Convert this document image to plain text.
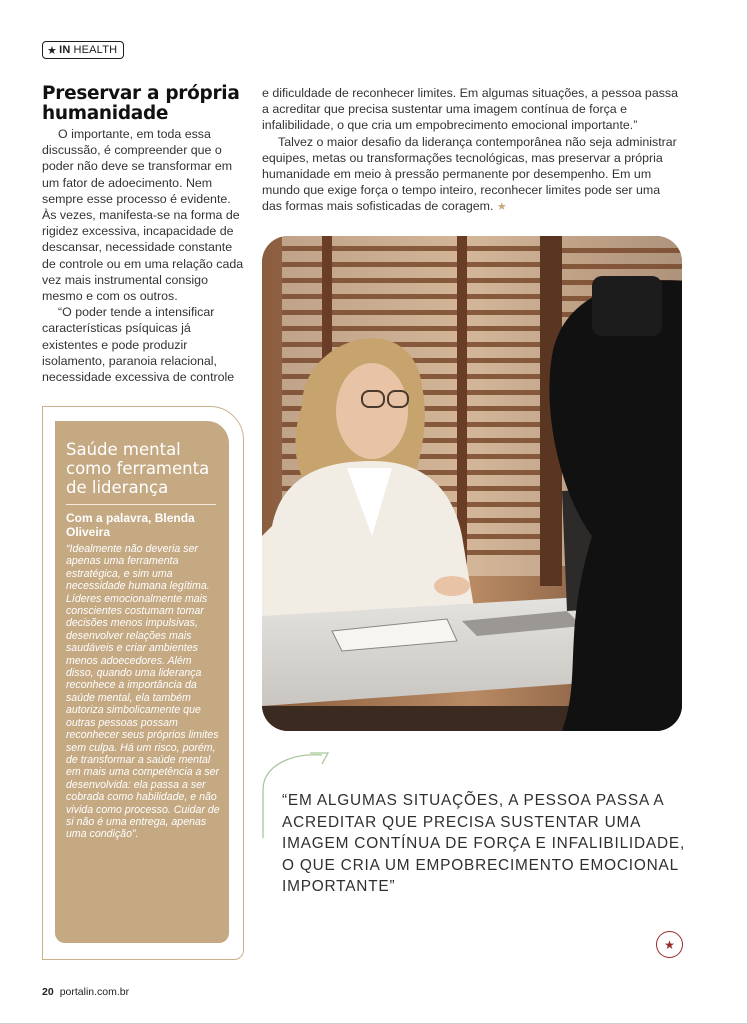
★ IN HEALTH
Preservar a própria humanidade

O importante, em toda essa discussão, é compreender que o poder não deve se transformar em um fator de adoecimento. Nem sempre esse processo é evidente. Às vezes, manifesta-se na forma de rigidez excessiva, incapacidade de descansar, necessidade constante de controle ou em uma relação cada vez mais instrumental consigo mesmo e com os outros.

“O poder tende a intensificar características psíquicas já existentes e pode produzir isolamento, paranoia relacional, necessidade excessiva de controle

e dificuldade de reconhecer limites. Em algumas situações, a pessoa passa a acreditar que precisa sustentar uma imagem contínua de força e infalibilidade, o que cria um empobrecimento emocional importante.”

Talvez o maior desafio da liderança contemporânea não seja administrar equipes, metas ou transformações tecnológicas, mas preservar a própria humanidade em meio à pressão permanente por desempenho. Em um mundo que exige força o tempo inteiro, reconhecer limites pode ser uma das formas mais sofisticadas de coragem. ★

Saúde mental como ferramenta de liderança

Com a palavra, Blenda Oliveira

“Idealmente não deveria ser apenas uma ferramenta estratégica, e sim uma necessidade humana legítima. Líderes emocionalmente mais conscientes costumam tomar decisões menos impulsivas, desenvolver relações mais saudáveis e criar ambientes menos adoecedores. Além disso, quando uma liderança reconhece a importância da saúde mental, ela também autoriza simbolicamente que outras pessoas possam reconhecer seus próprios limites sem culpa. Há um risco, porém, de transformar a saúde mental em mais uma competência a ser desenvolvida: ela passa a ser cobrada como habilidade, e não vivida como processo. Cuidar de si não é uma entrega, apenas uma condição”.

“EM ALGUMAS SITUAÇÕES, A PESSOA PASSA A ACREDITAR QUE PRECISA SUSTENTAR UMA IMAGEM CONTÍNUA DE FORÇA E INFALIBILIDADE, O QUE CRIA UM EMPOBRECIMENTO EMOCIONAL IMPORTANTE”

★
20 portalin.com.br
